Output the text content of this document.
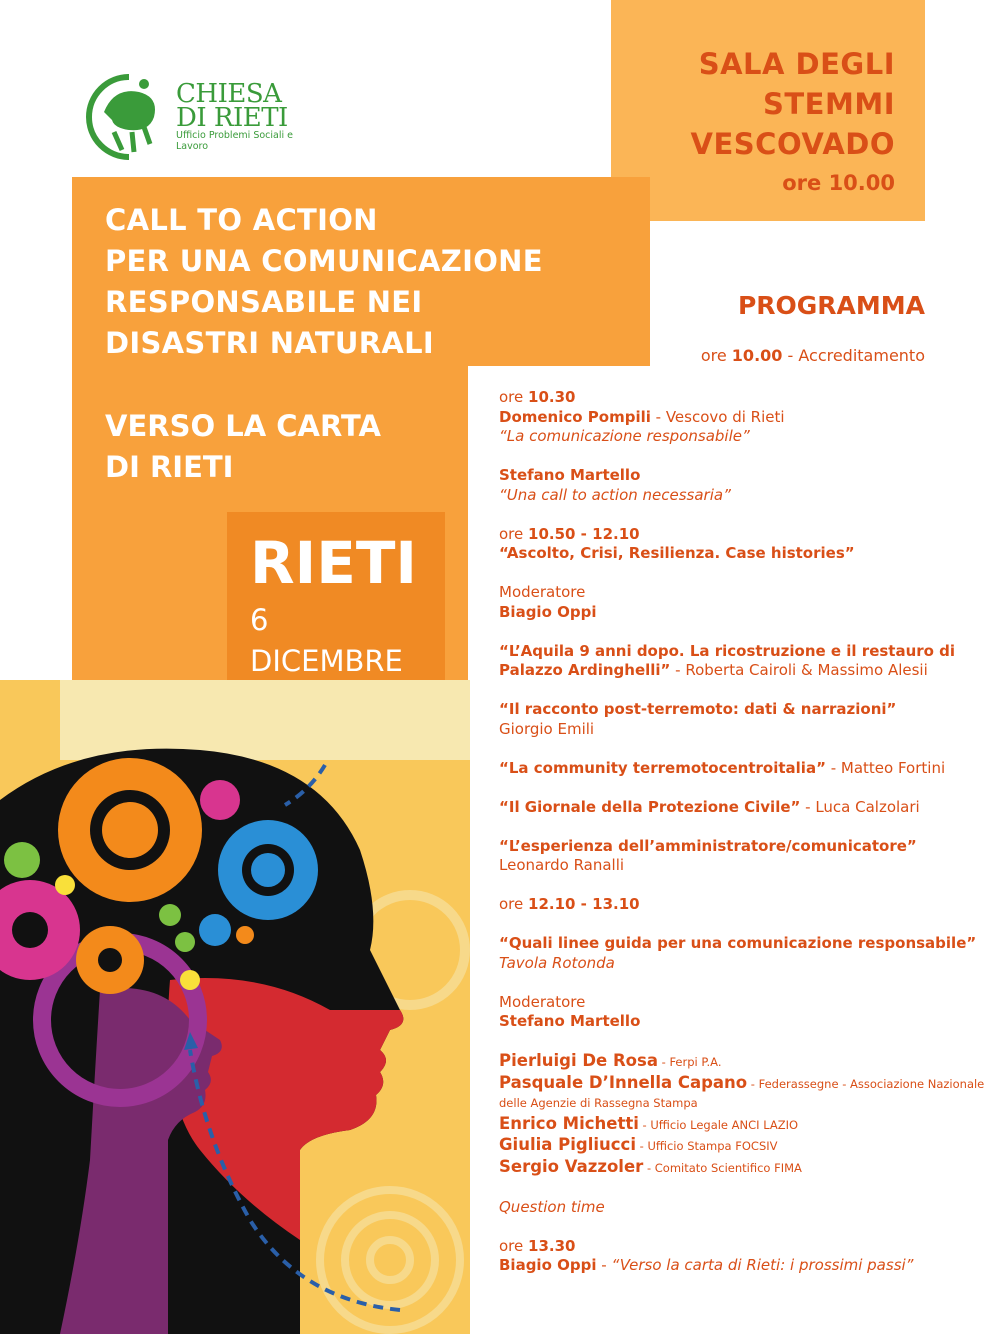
CHIESA
DI RIETI
Ufficio Problemi Sociali e Lavoro
SALA DEGLI
STEMMI
VESCOVADO
ore 10.00
CALL TO ACTION
PER UNA COMUNICAZIONE
RESPONSABILE NEI
DISASTRI NATURALI
VERSO LA CARTA
DI RIETI
RIETI
6
DICEMBRE
PROGRAMMA
ore 10.00 - Accreditamento
ore 10.30
Domenico Pompili - Vescovo di Rieti
“La comunicazione responsabile”
Stefano Martello
“Una call to action necessaria”
ore 10.50 - 12.10
“Ascolto, Crisi, Resilienza. Case histories”
Moderatore
Biagio Oppi
“L’Aquila 9 anni dopo. La ricostruzione e il restauro di
Palazzo Ardinghelli” - Roberta Cairoli & Massimo Alesii
“Il racconto post-terremoto: dati & narrazioni”
Giorgio Emili
“La community terremotocentroitalia” - Matteo Fortini
“Il Giornale della Protezione Civile” - Luca Calzolari
“L’esperienza dell’amministratore/comunicatore”
Leonardo Ranalli
ore 12.10 - 13.10
“Quali linee guida per una comunicazione responsabile”
Tavola Rotonda
Moderatore
Stefano Martello
Pierluigi De Rosa - Ferpi P.A.
Pasquale D’Innella Capano - Federassegne - Associazione Nazionale
delle Agenzie di Rassegna Stampa
Enrico Michetti - Ufficio Legale ANCI LAZIO
Giulia Pigliucci - Ufficio Stampa FOCSIV
Sergio Vazzoler - Comitato Scientifico FIMA
Question time
ore 13.30
Biagio Oppi - “Verso la carta di Rieti: i prossimi passi”
